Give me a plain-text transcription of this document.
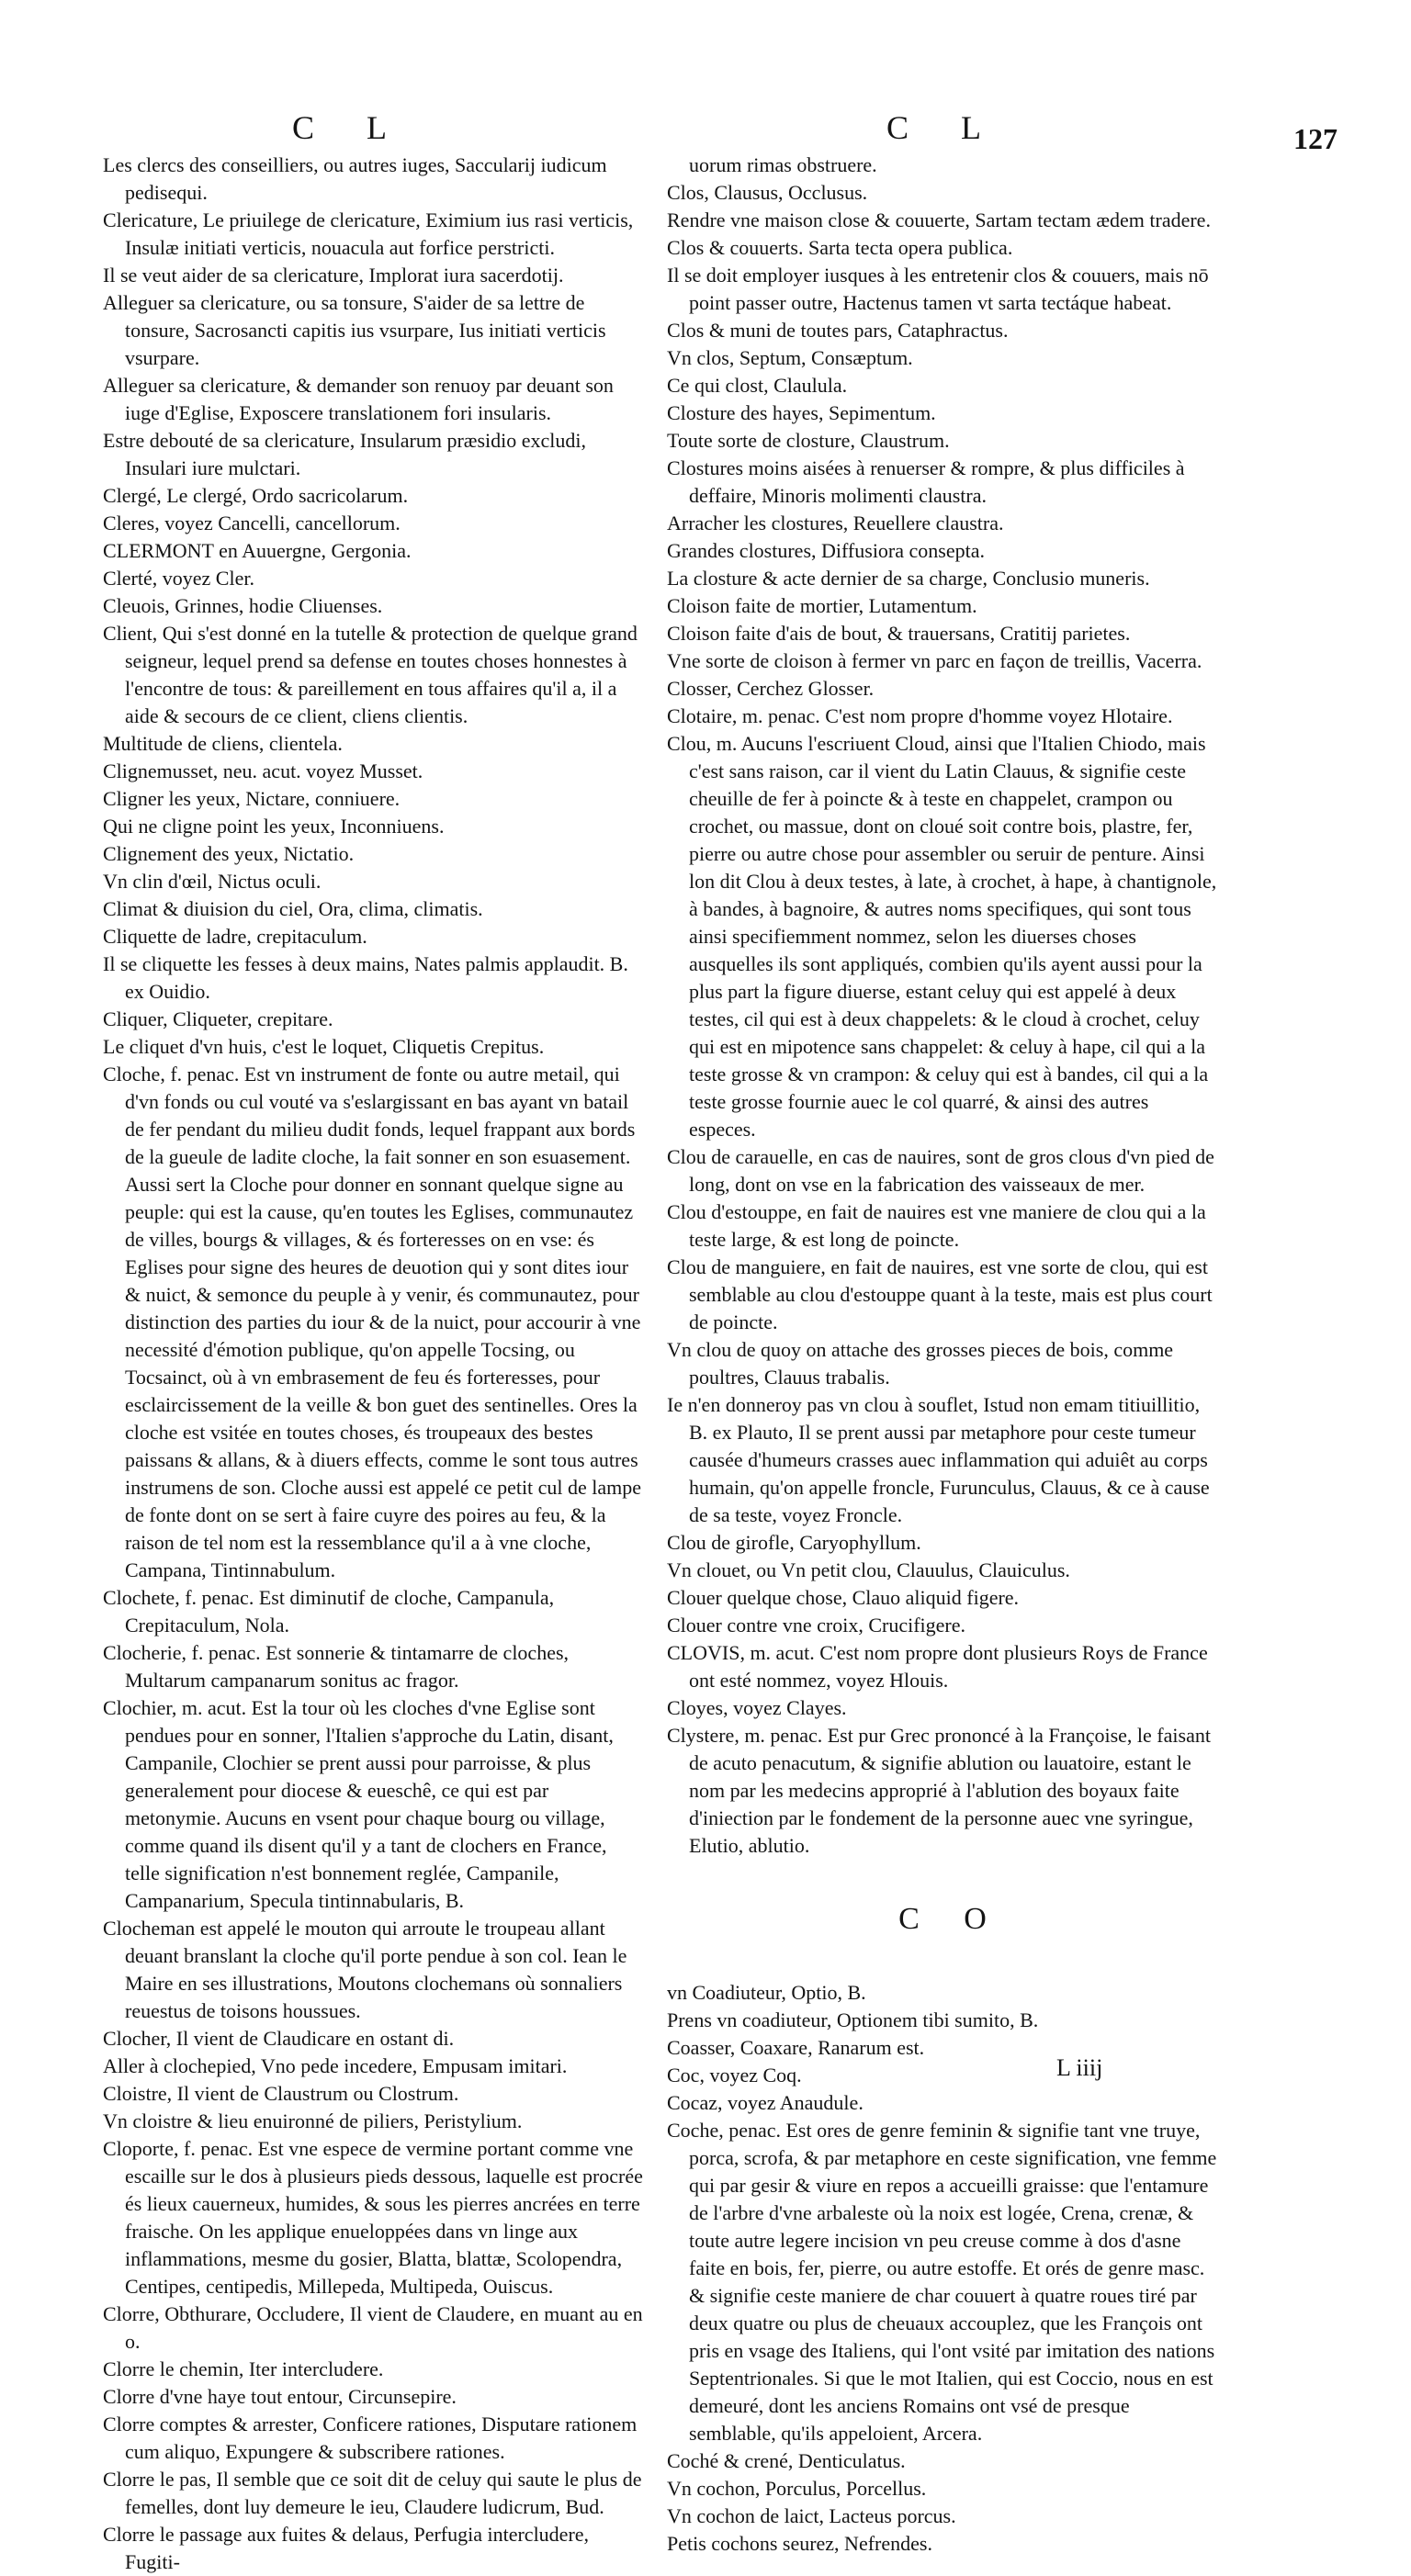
C L	C L	127

Les clercs des conseilliers, ou autres iuges, Saccularij iudicum pedisequi.

Clericature, Le priuilege de clericature, Eximium ius rasi verticis, Insulæ initiati verticis, nouacula aut forfice perstricti.

Il se veut aider de sa clericature, Implorat iura sacerdotij.

Alleguer sa clericature, ou sa tonsure, S'aider de sa lettre de tonsure, Sacrosancti capitis ius vsurpare, Ius initiati verticis vsurpare.

Alleguer sa clericature, & demander son renuoy par deuant son iuge d'Eglise, Exposcere translationem fori insularis.

Estre debouté de sa clericature, Insularum præsidio excludi, Insulari iure mulctari.

Clergé, Le clergé, Ordo sacricolarum.

Cleres, voyez Cancelli, cancellorum.

CLERMONT en Auuergne, Gergonia.

Clerté, voyez Cler.

Cleuois, Grinnes, hodie Cliuenses.

Client, Qui s'est donné en la tutelle & protection de quelque grand seigneur, lequel prend sa defense en toutes choses honnestes à l'encontre de tous: & pareillement en tous affaires qu'il a, il a aide & secours de ce client, cliens clientis.

Multitude de cliens, clientela.

Clignemusset, neu. acut. voyez Musset.

Cligner les yeux, Nictare, conniuere.

Qui ne cligne point les yeux, Inconniuens.

Clignement des yeux, Nictatio.

Vn clin d'œil, Nictus oculi.

Climat & diuision du ciel, Ora, clima, climatis.

Cliquette de ladre, crepitaculum.

Il se cliquette les fesses à deux mains, Nates palmis applaudit. B. ex Ouidio.

Cliquer, Cliqueter, crepitare.

Le cliquet d'vn huis, c'est le loquet, Cliquetis Crepitus.

Cloche, f. penac. Est vn instrument de fonte ou autre metail, qui d'vn fonds ou cul vouté va s'eslargissant en bas ayant vn batail de fer pendant du milieu dudit fonds, lequel frappant aux bords de la gueule de ladite cloche, la fait sonner en son esuasement. Aussi sert la Cloche pour donner en sonnant quelque signe au peuple: qui est la cause, qu'en toutes les Eglises, communautez de villes, bourgs & villages, & és forteresses on en vse: és Eglises pour signe des heures de deuotion qui y sont dites iour & nuict, & semonce du peuple à y venir, és communautez, pour distinction des parties du iour & de la nuict, pour accourir à vne necessité d'émotion publique, qu'on appelle Tocsing, ou Tocsainct, où à vn embrasement de feu és forteresses, pour esclaircissement de la veille & bon guet des sentinelles. Ores la cloche est vsitée en toutes choses, és troupeaux des bestes paissans & allans, & à diuers effects, comme le sont tous autres instrumens de son. Cloche aussi est appelé ce petit cul de lampe de fonte dont on se sert à faire cuyre des poires au feu, & la raison de tel nom est la ressemblance qu'il a à vne cloche, Campana, Tintinnabulum.

Clochete, f. penac. Est diminutif de cloche, Campanula, Crepitaculum, Nola.

Clocherie, f. penac. Est sonnerie & tintamarre de cloches, Multarum campanarum sonitus ac fragor.

Clochier, m. acut. Est la tour où les cloches d'vne Eglise sont pendues pour en sonner, l'Italien s'approche du Latin, disant, Campanile, Clochier se prent aussi pour parroisse, & plus generalement pour diocese & eueschê, ce qui est par metonymie. Aucuns en vsent pour chaque bourg ou village, comme quand ils disent qu'il y a tant de clochers en France, telle signification n'est bonnement reglée, Campanile, Campanarium, Specula tintinnabularis, B.

Clocheman est appelé le mouton qui arroute le troupeau allant deuant branslant la cloche qu'il porte pendue à son col. Iean le Maire en ses illustrations, Moutons clochemans où sonnaliers reuestus de toisons houssues.

Clocher, Il vient de Claudicare en ostant di.

Aller à clochepied, Vno pede incedere, Empusam imitari.

Cloistre, Il vient de Claustrum ou Clostrum.

Vn cloistre & lieu enuironné de piliers, Peristylium.

Cloporte, f. penac. Est vne espece de vermine portant comme vne escaille sur le dos à plusieurs pieds dessous, laquelle est procrée és lieux cauerneux, humides, & sous les pierres ancrées en terre fraische. On les applique enueloppées dans vn linge aux inflammations, mesme du gosier, Blatta, blattæ, Scolopendra, Centipes, centipedis, Millepeda, Multipeda, Ouiscus.

Clorre, Obthurare, Occludere, Il vient de Claudere, en muant au en o.

Clorre le chemin, Iter intercludere.

Clorre d'vne haye tout entour, Circunsepire.

Clorre comptes & arrester, Conficere rationes, Disputare rationem cum aliquo, Expungere & subscribere rationes.

Clorre le pas, Il semble que ce soit dit de celuy qui saute le plus de femelles, dont luy demeure le ieu, Claudere ludicrum, Bud.

Clorre le passage aux fuites & delaus, Perfugia intercludere, Fugiti-

uorum rimas obstruere.

Clos, Clausus, Occlusus.

Rendre vne maison close & couuerte, Sartam tectam ædem tradere.

Clos & couuerts. Sarta tecta opera publica.

Il se doit employer iusques à les entretenir clos & couuers, mais nō point passer outre, Hactenus tamen vt sarta tectáque habeat.

Clos & muni de toutes pars, Cataphractus.

Vn clos, Septum, Consæptum.

Ce qui clost, Claulula.

Closture des hayes, Sepimentum.

Toute sorte de closture, Claustrum.

Clostures moins aisées à renuerser & rompre, & plus difficiles à deffaire, Minoris molimenti claustra.

Arracher les clostures, Reuellere claustra.

Grandes clostures, Diffusiora consepta.

La closture & acte dernier de sa charge, Conclusio muneris.

Cloison faite de mortier, Lutamentum.

Cloison faite d'ais de bout, & trauersans, Cratitij parietes.

Vne sorte de cloison à fermer vn parc en façon de treillis, Vacerra.

Closser, Cerchez Glosser.

Clotaire, m. penac. C'est nom propre d'homme voyez Hlotaire.

Clou, m. Aucuns l'escriuent Cloud, ainsi que l'Italien Chiodo, mais c'est sans raison, car il vient du Latin Clauus, & signifie ceste cheuille de fer à poincte & à teste en chappelet, crampon ou crochet, ou massue, dont on cloué soit contre bois, plastre, fer, pierre ou autre chose pour assembler ou seruir de penture. Ainsi lon dit Clou à deux testes, à late, à crochet, à hape, à chantignole, à bandes, à bagnoire, & autres noms specifiques, qui sont tous ainsi specifiemment nommez, selon les diuerses choses ausquelles ils sont appliqués, combien qu'ils ayent aussi pour la plus part la figure diuerse, estant celuy qui est appelé à deux testes, cil qui est à deux chappelets: & le cloud à crochet, celuy qui est en mipotence sans chappelet: & celuy à hape, cil qui a la teste grosse & vn crampon: & celuy qui est à bandes, cil qui a la teste grosse fournie auec le col quarré, & ainsi des autres especes.

Clou de carauelle, en cas de nauires, sont de gros clous d'vn pied de long, dont on vse en la fabrication des vaisseaux de mer.

Clou d'estouppe, en fait de nauires est vne maniere de clou qui a la teste large, & est long de poincte.

Clou de manguiere, en fait de nauires, est vne sorte de clou, qui est semblable au clou d'estouppe quant à la teste, mais est plus court de poincte.

Vn clou de quoy on attache des grosses pieces de bois, comme poultres, Clauus trabalis.

Ie n'en donneroy pas vn clou à souflet, Istud non emam titiuillitio, B. ex Plauto, Il se prent aussi par metaphore pour ceste tumeur causée d'humeurs crasses auec inflammation qui aduiêt au corps humain, qu'on appelle froncle, Furunculus, Clauus, & ce à cause de sa teste, voyez Froncle.

Clou de girofle, Caryophyllum.

Vn clouet, ou Vn petit clou, Clauulus, Clauiculus.

Clouer quelque chose, Clauo aliquid figere.

Clouer contre vne croix, Crucifigere.

CLOVIS, m. acut. C'est nom propre dont plusieurs Roys de France ont esté nommez, voyez Hlouis.

Cloyes, voyez Clayes.

Clystere, m. penac. Est pur Grec prononcé à la Françoise, le faisant de acuto penacutum, & signifie ablution ou lauatoire, estant le nom par les medecins approprié à l'ablution des boyaux faite d'iniection par le fondement de la personne auec vne syringue, Elutio, ablutio.

C O

vn Coadiuteur, Optio, B.

Prens vn coadiuteur, Optionem tibi sumito, B.

Coasser, Coaxare, Ranarum est.

Coc, voyez Coq.

Cocaz, voyez Anaudule.

Coche, penac. Est ores de genre feminin & signifie tant vne truye, porca, scrofa, & par metaphore en ceste signification, vne femme qui par gesir & viure en repos a accueilli graisse: que l'entamure de l'arbre d'vne arbaleste où la noix est logée, Crena, crenæ, & toute autre legere incision vn peu creuse comme à dos d'asne faite en bois, fer, pierre, ou autre estoffe. Et orés de genre masc. & signifie ceste maniere de char couuert à quatre roues tiré par deux quatre ou plus de cheuaux accouplez, que les François ont pris en vsage des Italiens, qui l'ont vsité par imitation des nations Septentrionales. Si que le mot Italien, qui est Coccio, nous en est demeuré, dont les anciens Romains ont vsé de presque semblable, qu'ils appeloient, Arcera.

Coché & crené, Denticulatus.

Vn cochon, Porculus, Porcellus.

Vn cochon de laict, Lacteus porcus.

Petis cochons seurez, Nefrendes.

L iiij
